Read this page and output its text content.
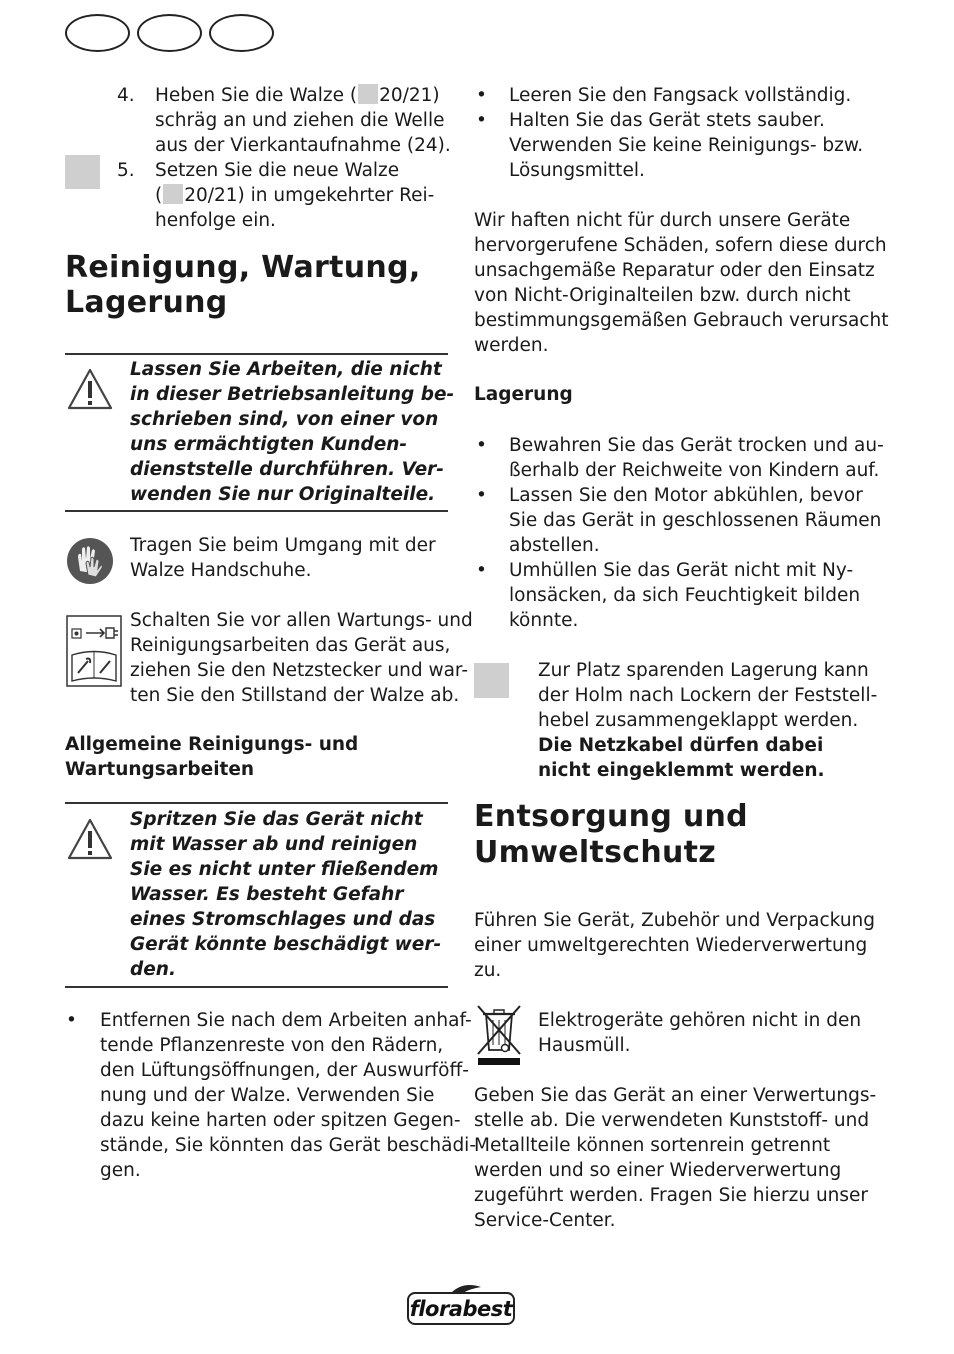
4. Heben Sie die Walze ( 20/21)
schräg an und ziehen die Welle
aus der Vierkantaufnahme (24).
5. Setzen Sie die neue Walze
( 20/21) in umgekehrter Rei-
henfolge ein.
Reinigung, Wartung,
Lagerung
Lassen Sie Arbeiten, die nicht
in dieser Betriebsanleitung be-
schrieben sind, von einer von
uns ermächtigten Kunden-
dienststelle durchführen. Ver-
wenden Sie nur Originalteile.
Tragen Sie beim Umgang mit der
Walze Handschuhe.
Schalten Sie vor allen Wartungs- und
Reinigungsarbeiten das Gerät aus,
ziehen Sie den Netzstecker und war-
ten Sie den Stillstand der Walze ab.
Allgemeine Reinigungs- und
Wartungsarbeiten
Spritzen Sie das Gerät nicht
mit Wasser ab und reinigen
Sie es nicht unter fließendem
Wasser. Es besteht Gefahr
eines Stromschlages und das
Gerät könnte beschädigt wer-
den.
• Entfernen Sie nach dem Arbeiten anhaf-
tende Pflanzenreste von den Rädern,
den Lüftungsöffnungen, der Auswurföff-
nung und der Walze. Verwenden Sie
dazu keine harten oder spitzen Gegen-
stände, Sie könnten das Gerät beschädi-
gen.
• Leeren Sie den Fangsack vollständig.
• Halten Sie das Gerät stets sauber.
Verwenden Sie keine Reinigungs- bzw.
Lösungsmittel.
Wir haften nicht für durch unsere Geräte
hervorgerufene Schäden, sofern diese durch
unsachgemäße Reparatur oder den Einsatz
von Nicht-Originalteilen bzw. durch nicht
bestimmungsgemäßen Gebrauch verursacht
werden.
Lagerung
• Bewahren Sie das Gerät trocken und au-
ßerhalb der Reichweite von Kindern auf.
• Lassen Sie den Motor abkühlen, bevor
Sie das Gerät in geschlossenen Räumen
abstellen.
• Umhüllen Sie das Gerät nicht mit Ny-
lonsäcken, da sich Feuchtigkeit bilden
könnte.
Zur Platz sparenden Lagerung kann
der Holm nach Lockern der Feststell-
hebel zusammengeklappt werden.
Die Netzkabel dürfen dabei
nicht eingeklemmt werden.
Entsorgung und
Umweltschutz
Führen Sie Gerät, Zubehör und Verpackung
einer umweltgerechten Wiederverwertung
zu.
Elektrogeräte gehören nicht in den
Hausmüll.
Geben Sie das Gerät an einer Verwertungs-
stelle ab. Die verwendeten Kunststoff- und
Metallteile können sortenrein getrennt
werden und so einer Wiederverwertung
zugeführt werden. Fragen Sie hierzu unser
Service-Center.
florabest
